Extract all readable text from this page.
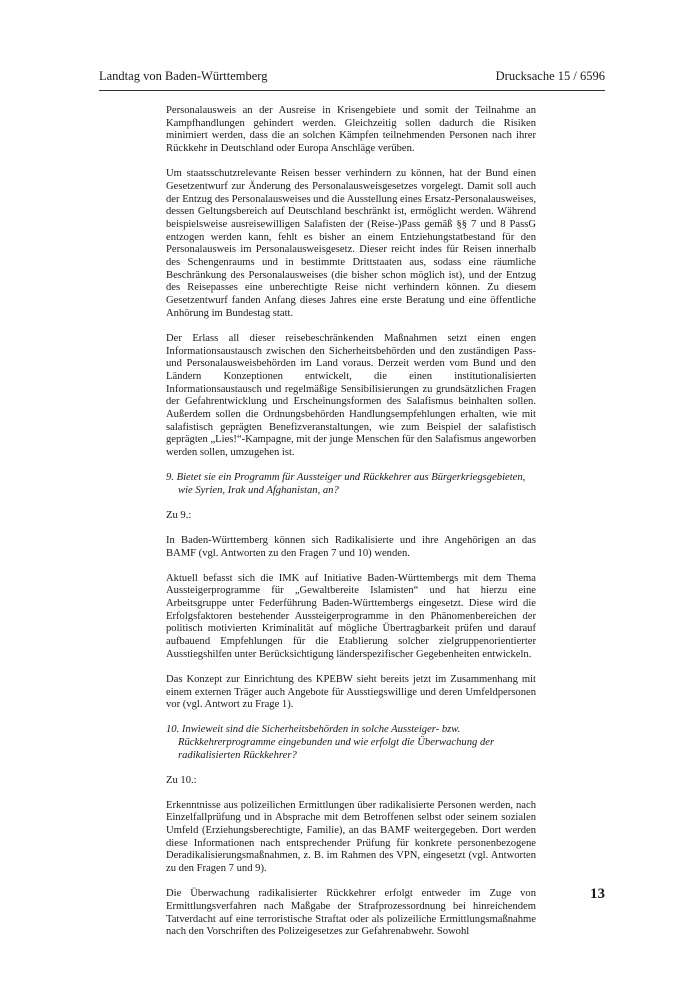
Landtag von Baden-Württemberg	Drucksache 15 / 6596

Personalausweis an der Ausreise in Krisengebiete und somit der Teilnahme an Kampfhandlungen gehindert werden. Gleichzeitig sollen dadurch die Risiken minimiert werden, dass die an solchen Kämpfen teilnehmenden Personen nach ihrer Rückkehr in Deutschland oder Europa Anschläge verüben.

Um staatsschutzrelevante Reisen besser verhindern zu können, hat der Bund einen Gesetzentwurf zur Änderung des Personalausweisgesetzes vorgelegt. Damit soll auch der Entzug des Personalausweises und die Ausstellung eines Ersatz-Personalausweises, dessen Geltungsbereich auf Deutschland beschränkt ist, ermöglicht werden. Während beispielsweise ausreisewilligen Salafisten der (Reise-)Pass gemäß §§ 7 und 8 PassG entzogen werden kann, fehlt es bisher an einem Entziehungstatbestand für den Personalausweis im Personalausweisgesetz. Dieser reicht indes für Reisen innerhalb des Schengenraums und in bestimmte Drittstaaten aus, sodass eine räumliche Beschränkung des Personalausweises (die bisher schon möglich ist), und der Entzug des Reisepasses eine unberechtigte Reise nicht verhindern können. Zu diesem Gesetzentwurf fanden Anfang dieses Jahres eine erste Beratung und eine öffentliche Anhörung im Bundestag statt.

Der Erlass all dieser reisebeschränkenden Maßnahmen setzt einen engen Informationsaustausch zwischen den Sicherheitsbehörden und den zuständigen Pass- und Personalausweisbehörden im Land voraus. Derzeit werden vom Bund und den Ländern Konzeptionen entwickelt, die einen institutionalisierten Informationsaustausch und regelmäßige Sensibilisierungen zu grundsätzlichen Fragen der Gefahrentwicklung und Erscheinungsformen des Salafismus beinhalten sollen. Außerdem sollen die Ordnungsbehörden Handlungsempfehlungen erhalten, wie mit salafistisch geprägten Benefizveranstaltungen, wie zum Beispiel der salafistisch geprägten „Lies!“-Kampagne, mit der junge Menschen für den Salafismus angeworben werden sollen, umzugehen ist.

9. Bietet sie ein Programm für Aussteiger und Rückkehrer aus Bürgerkriegsgebieten, wie Syrien, Irak und Afghanistan, an?

Zu 9.:

In Baden-Württemberg können sich Radikalisierte und ihre Angehörigen an das BAMF (vgl. Antworten zu den Fragen 7 und 10) wenden.

Aktuell befasst sich die IMK auf Initiative Baden-Württembergs mit dem Thema Aussteigerprogramme für „Gewaltbereite Islamisten“ und hat hierzu eine Arbeitsgruppe unter Federführung Baden-Württembergs eingesetzt. Diese wird die Erfolgsfaktoren bestehender Aussteigerprogramme in den Phänomenbereichen der politisch motivierten Kriminalität auf mögliche Übertragbarkeit prüfen und darauf aufbauend Empfehlungen für die Etablierung solcher zielgruppenorientierter Ausstiegshilfen unter Berücksichtigung länderspezifischer Gegebenheiten entwickeln.

Das Konzept zur Einrichtung des KPEBW sieht bereits jetzt im Zusammenhang mit einem externen Träger auch Angebote für Ausstiegswillige und deren Umfeldpersonen vor (vgl. Antwort zu Frage 1).

10. Inwieweit sind die Sicherheitsbehörden in solche Aussteiger- bzw. Rückkehrerprogramme eingebunden und wie erfolgt die Überwachung der radikalisierten Rückkehrer?

Zu 10.:

Erkenntnisse aus polizeilichen Ermittlungen über radikalisierte Personen werden, nach Einzelfallprüfung und in Absprache mit dem Betroffenen selbst oder seinem sozialen Umfeld (Erziehungsberechtigte, Familie), an das BAMF weitergegeben. Dort werden diese Informationen nach entsprechender Prüfung für konkrete personenbezogene Deradikalisierungsmaßnahmen, z. B. im Rahmen des VPN, eingesetzt (vgl. Antworten zu den Fragen 7 und 9).

Die Überwachung radikalisierter Rückkehrer erfolgt entweder im Zuge von Ermittlungsverfahren nach Maßgabe der Strafprozessordnung bei hinreichendem Tatverdacht auf eine terroristische Straftat oder als polizeiliche Ermittlungsmaßnahme nach den Vorschriften des Polizeigesetzes zur Gefahrenabwehr. Sowohl

13
